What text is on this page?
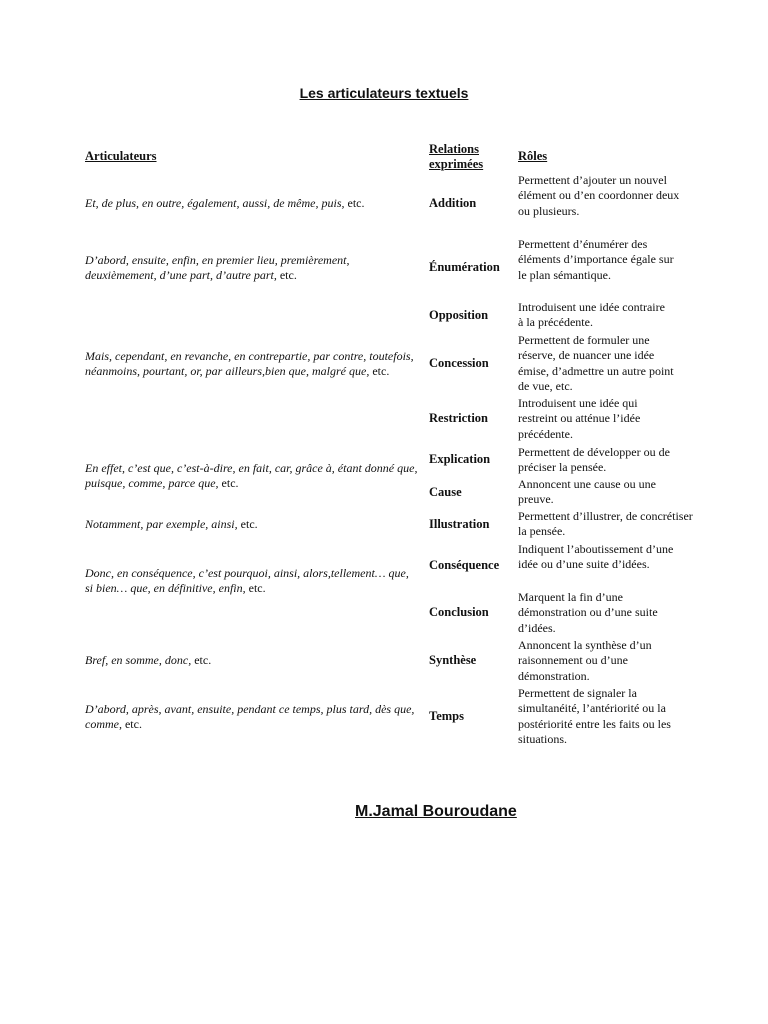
Les articulateurs textuels
Articulateurs	Relations exprimées
Rôles
Et, de plus, en outre, également, aussi, de même, puis, etc.
D’abord, ensuite, enfin, en premier lieu, premièrement, deuxièmement, d’une part, d’autre part, etc.
Mais, cependant, en revanche, en contrepartie, par contre, toutefois, néanmoins, pourtant, or, par ailleurs,bien que, malgré que, etc.
En effet, c’est que, c’est-à-dire, en fait, car, grâce à, étant donné que, puisque, comme, parce que, etc.
Notamment, par exemple, ainsi, etc.
Donc, en conséquence, c’est pourquoi, ainsi, alors,tellement… que, si bien… que, en définitive, enfin, etc.
Bref, en somme, donc, etc.
D’abord, après, avant, ensuite, pendant ce temps, plus tard, dès que, comme, etc.
Addition
Énumération
Opposition
Concession
Restriction
Explication
Cause
Illustration
Conséquence
Conclusion
Synthèse
Temps
Permettent d’ajouter un nouvel élément ou d’en coordonner deux ou plusieurs.
Permettent d’énumérer des éléments d’importance égale sur le plan sémantique.
Introduisent une idée contraire à la précédente.
Permettent de formuler une réserve, de nuancer une idée émise, d’admettre un autre point de vue, etc.
Introduisent une idée qui restreint ou atténue l’idée précédente.
Permettent de développer ou de préciser la pensée.
Annoncent une cause ou une preuve.
Permettent d’illustrer, de concrétiser la pensée.
Indiquent l’aboutissement d’une idée ou d’une suite d’idées.
Marquent la fin d’une démonstration ou d’une suite d’idées.
Annoncent la synthèse d’un raisonnement ou d’une démonstration.
Permettent de signaler la simultanéité, l’antériorité ou la postériorité entre les faits ou les situations.
M.Jamal Bouroudane
